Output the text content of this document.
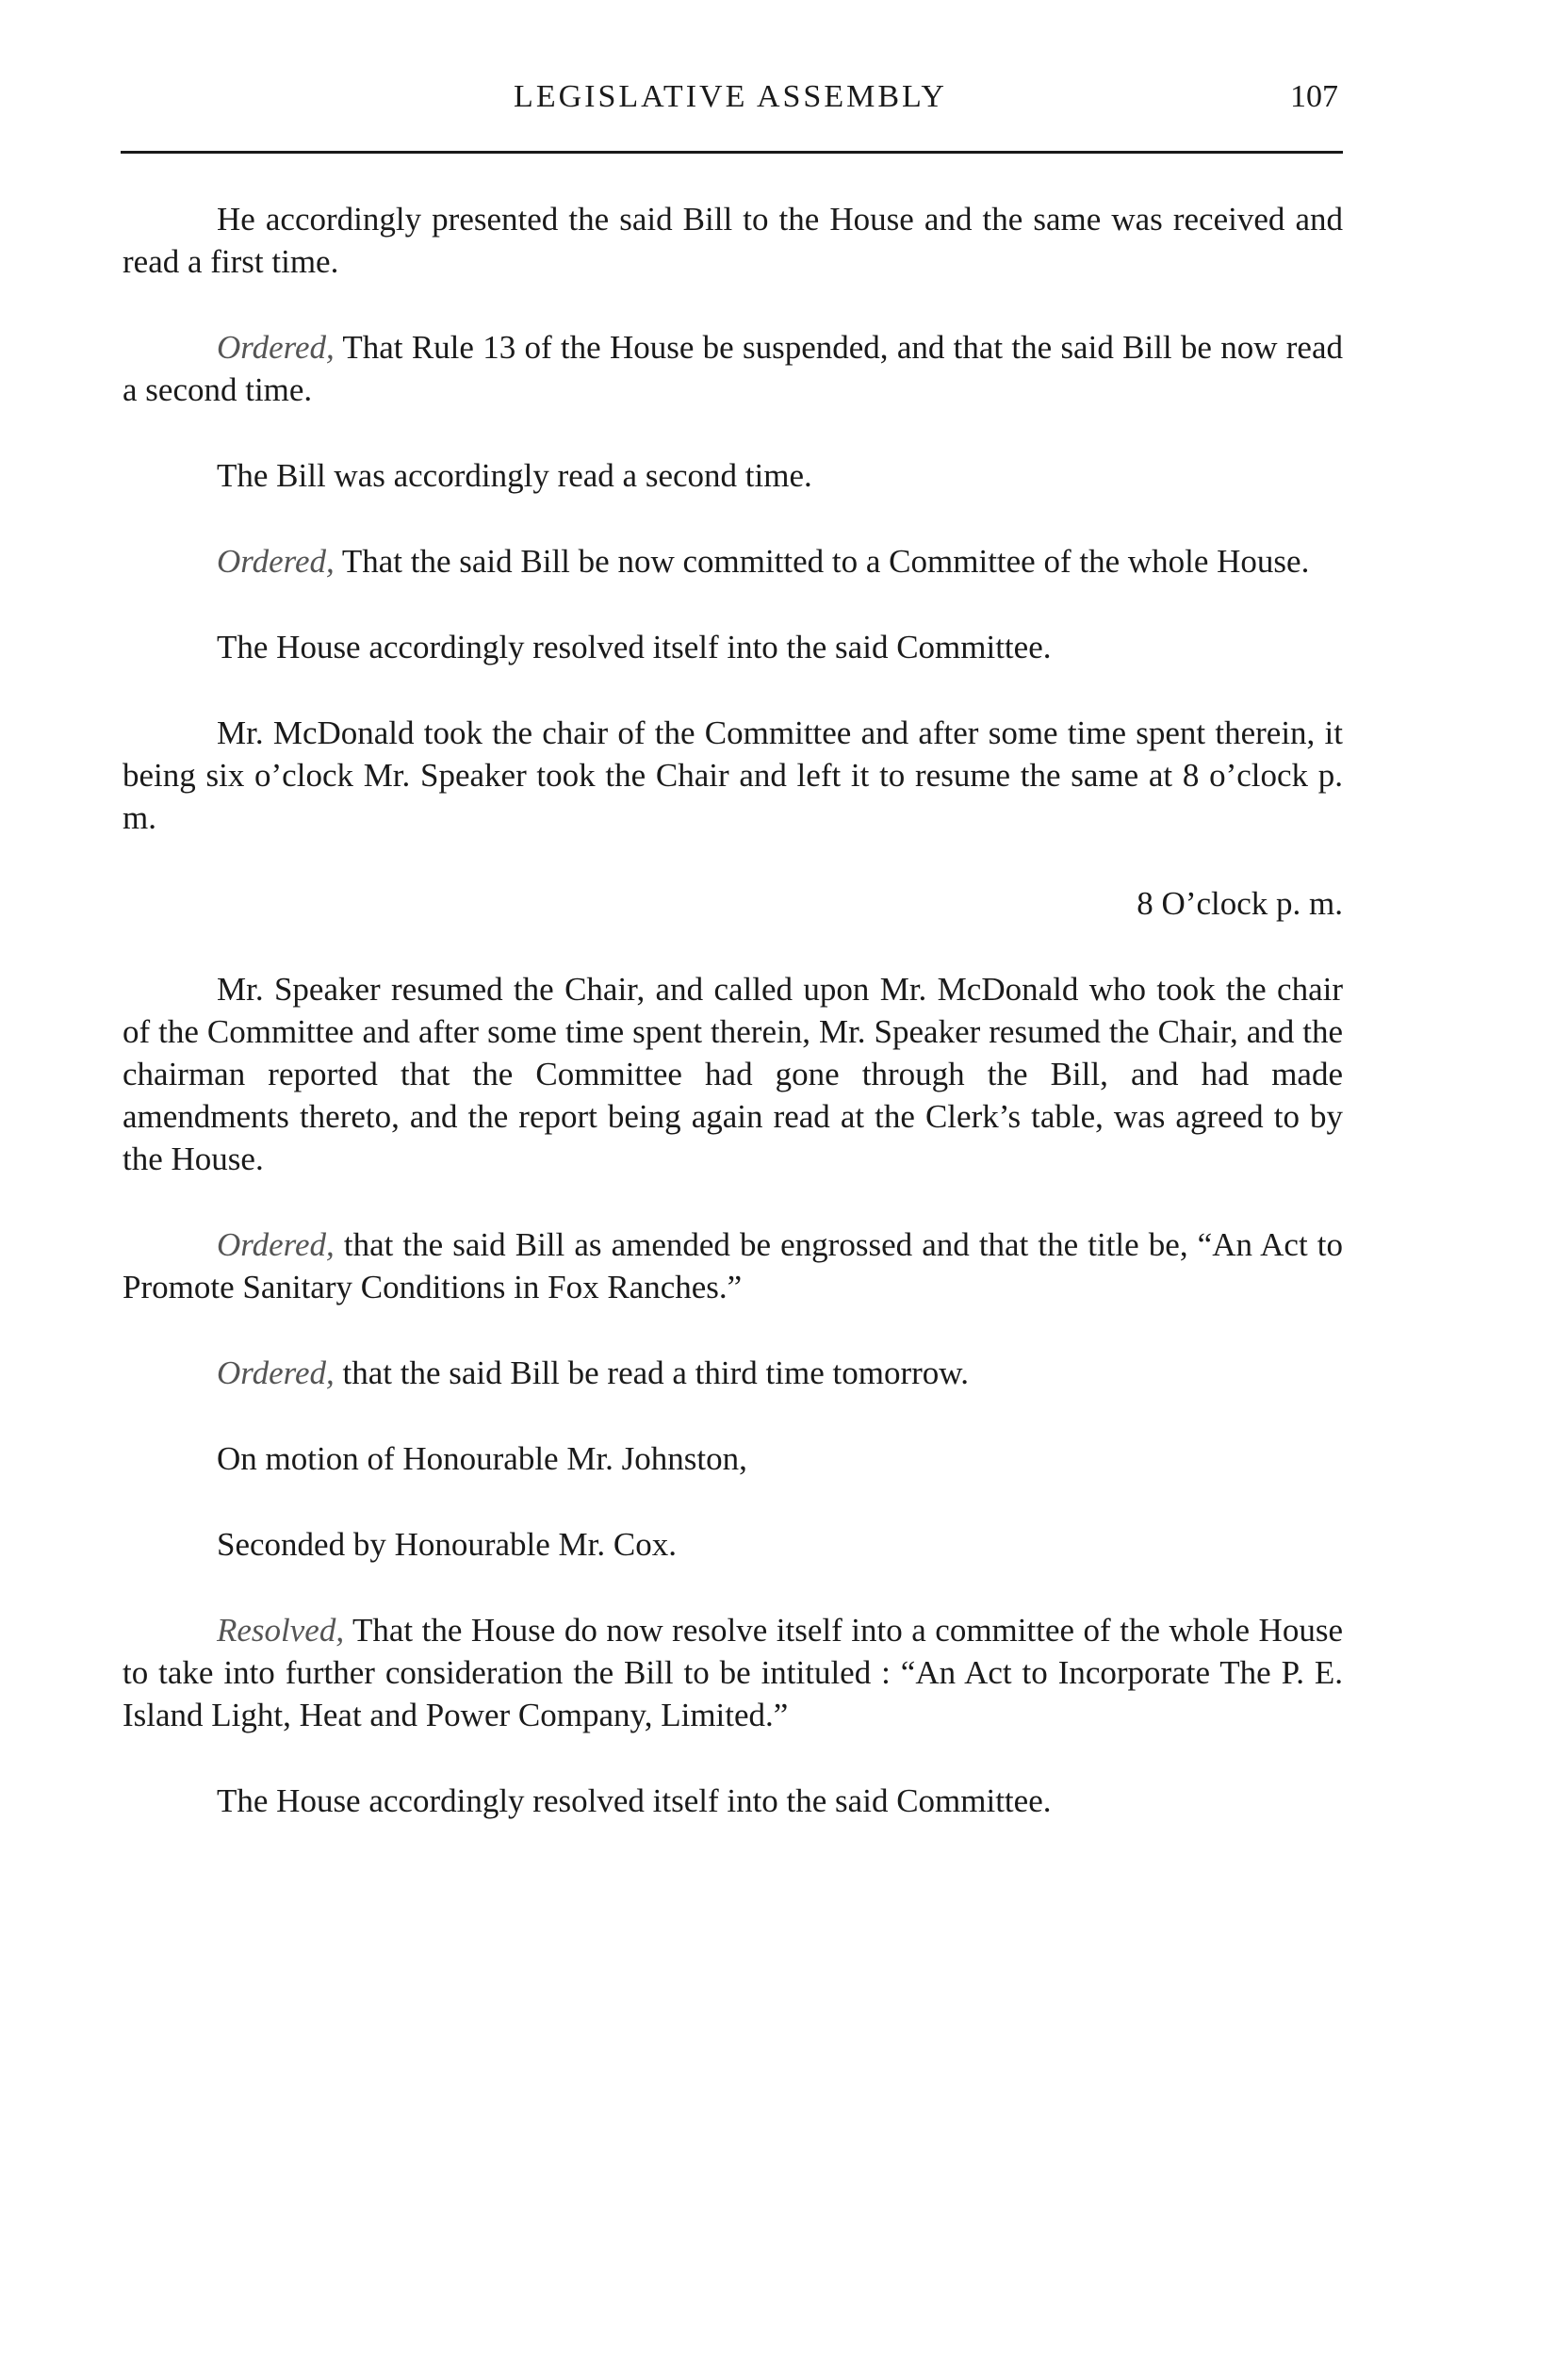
LEGISLATIVE ASSEMBLY	107

He accordingly presented the said Bill to the House and the same was received and read a first time.

Ordered, That Rule 13 of the House be suspended, and that the said Bill be now read a second time.

The Bill was accordingly read a second time.

Ordered, That the said Bill be now committed to a Committee of the whole House.

The House accordingly resolved itself into the said Committee.

Mr. McDonald took the chair of the Committee and after some time spent therein, it being six o’clock Mr. Speaker took the Chair and left it to resume the same at 8 o’clock p. m.

8 O’clock p. m.

Mr. Speaker resumed the Chair, and called upon Mr. McDonald who took the chair of the Committee and after some time spent therein, Mr. Speaker resumed the Chair, and the chairman reported that the Committee had gone through the Bill, and had made amendments thereto, and the report being again read at the Clerk’s table, was agreed to by the House.

Ordered, that the said Bill as amended be engrossed and that the title be, “An Act to Promote Sanitary Conditions in Fox Ranches.”

Ordered, that the said Bill be read a third time tomorrow.

On motion of Honourable Mr. Johnston,

Seconded by Honourable Mr. Cox.

Resolved, That the House do now resolve itself into a committee of the whole House to take into further consideration the Bill to be intituled : “An Act to Incorporate The P. E. Island Light, Heat and Power Company, Limited.”

The House accordingly resolved itself into the said Committee.
